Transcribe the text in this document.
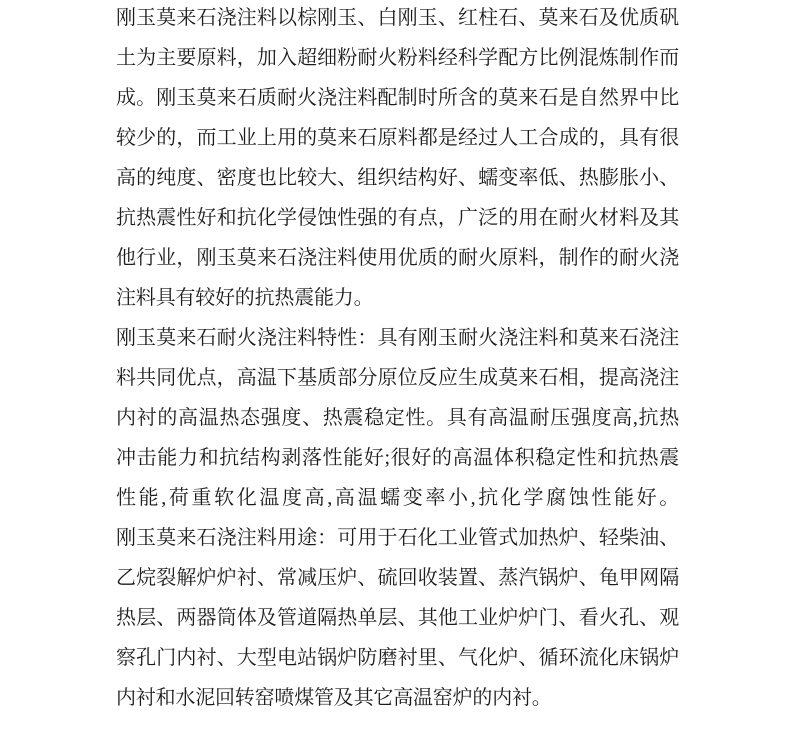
刚玉莫来石浇注料以棕刚玉、白刚玉、红柱石、莫来石及优质矾
土为主要原料，加入超细粉耐火粉料经科学配方比例混炼制作而
成。刚玉莫来石质耐火浇注料配制时所含的莫来石是自然界中比
较少的，而工业上用的莫来石原料都是经过人工合成的，具有很
高的纯度、密度也比较大、组织结构好、蠕变率低、热膨胀小、
抗热震性好和抗化学侵蚀性强的有点，广泛的用在耐火材料及其
他行业，刚玉莫来石浇注料使用优质的耐火原料，制作的耐火浇
注料具有较好的抗热震能力。
刚玉莫来石耐火浇注料特性：具有刚玉耐火浇注料和莫来石浇注
料共同优点，高温下基质部分原位反应生成莫来石相，提高浇注
内衬的高温热态强度、热震稳定性。具有高温耐压强度高,抗热
冲击能力和抗结构剥落性能好;很好的高温体积稳定性和抗热震
性能,荷重软化温度高,高温蠕变率小,抗化学腐蚀性能好。
刚玉莫来石浇注料用途：可用于石化工业管式加热炉、轻柴油、
乙烷裂解炉炉衬、常减压炉、硫回收装置、蒸汽锅炉、龟甲网隔
热层、两器筒体及管道隔热单层、其他工业炉炉门、看火孔、观
察孔门内衬、大型电站锅炉防磨衬里、气化炉、循环流化床锅炉
内衬和水泥回转窑喷煤管及其它高温窑炉的内衬。
